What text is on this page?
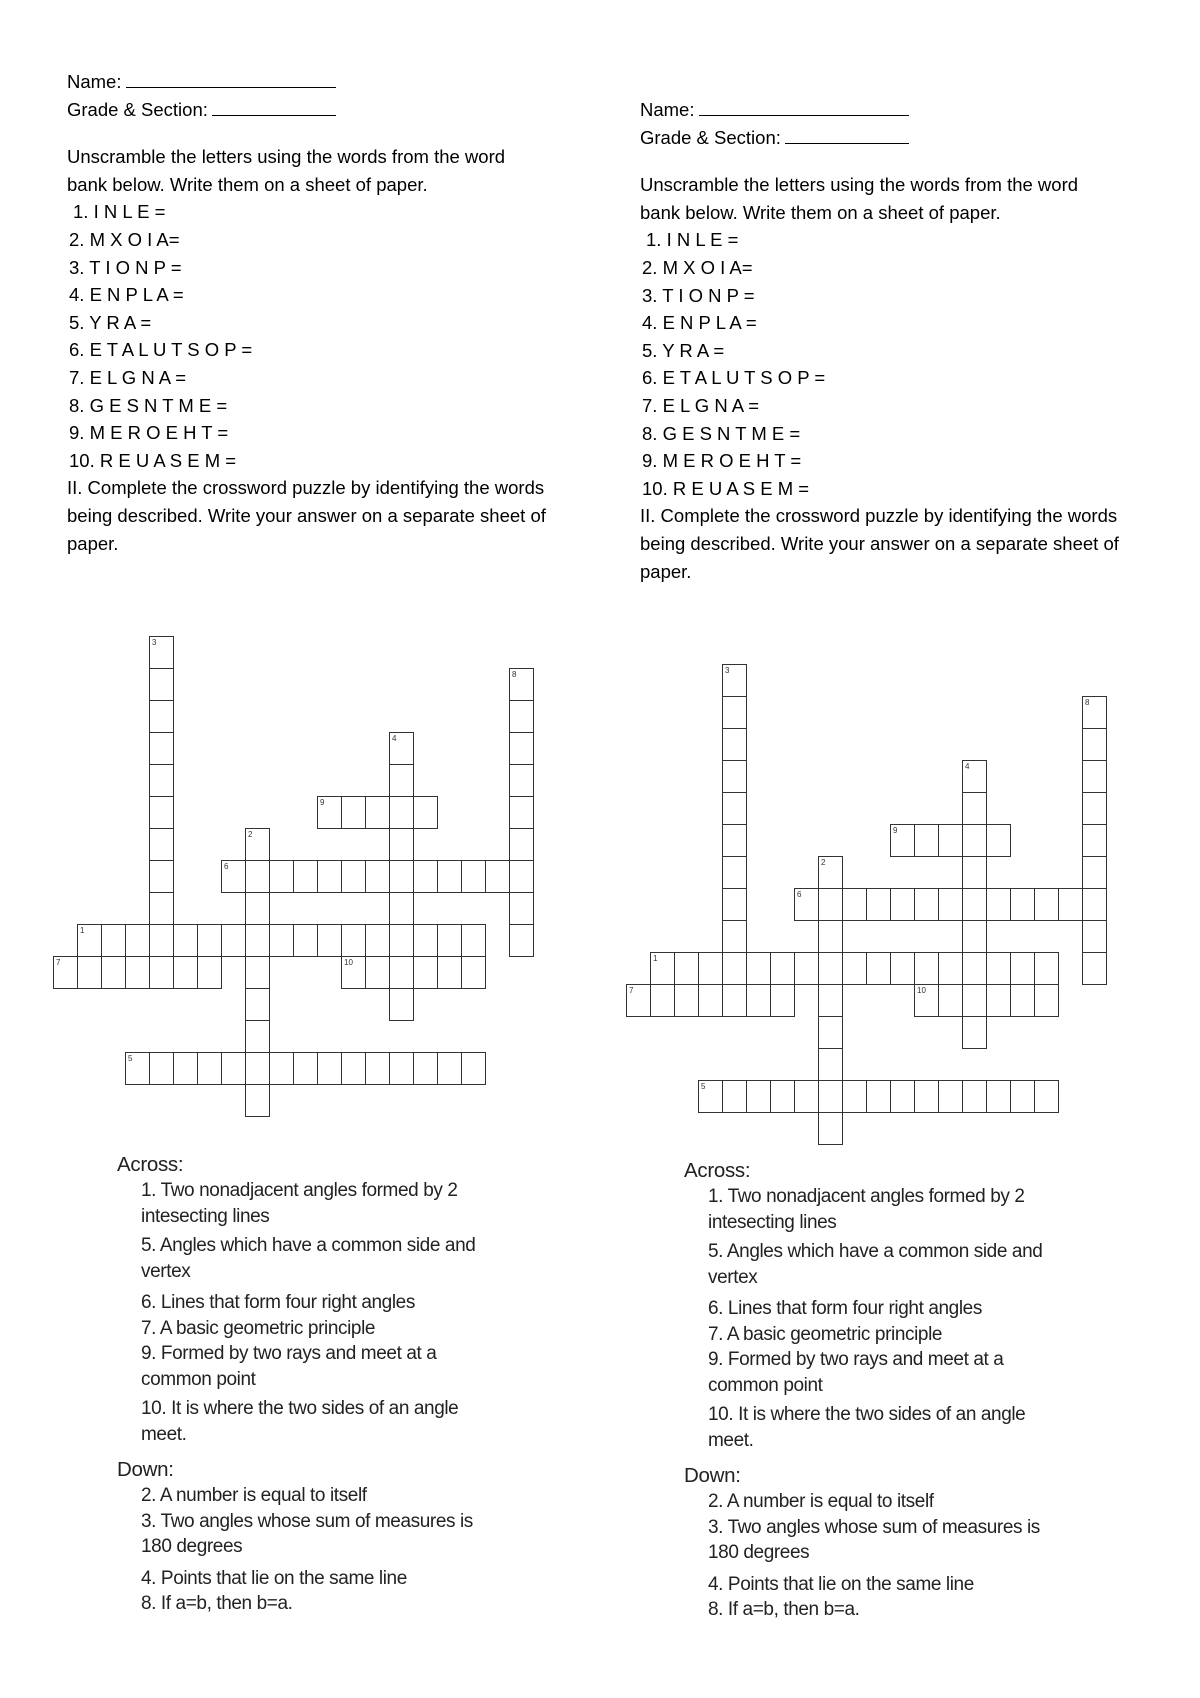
Name:

Grade & Section:

Unscramble the letters using the words from the word bank below. Write them on a sheet of paper.

1. I N L E =

2. M X O I A=

3. T I O N P =

4. E N P L A =

5. Y R A =

6. E T A L U T S O P =

7. E L G N A =

8. G E S N T M E =

9. M E R O E H T =

10. R E U A S E M =

II. Complete the crossword puzzle by identifying the words being described. Write your answer on a separate sheet of paper.

3
8
4
9
2
6
1
7	10
5
Across:

1. Two nonadjacent angles formed by 2 intesecting lines

5. Angles which have a common side and vertex

6. Lines that form four right angles

7. A basic geometric principle

9. Formed by two rays and meet at a common point

10. It is where the two sides of an angle meet.

Down:

2. A number is equal to itself

3. Two angles whose sum of measures is 180 degrees

4. Points that lie on the same line

8. If a=b, then b=a.

Name:

Grade & Section:

Unscramble the letters using the words from the word bank below. Write them on a sheet of paper.

1. I N L E =

2. M X O I A=

3. T I O N P =

4. E N P L A =

5. Y R A =

6. E T A L U T S O P =

7. E L G N A =

8. G E S N T M E =

9. M E R O E H T =

10. R E U A S E M =

II. Complete the crossword puzzle by identifying the words being described. Write your answer on a separate sheet of paper.

3
8
4
9
2
6
1
7	10
5
Across:

1. Two nonadjacent angles formed by 2 intesecting lines

5. Angles which have a common side and vertex

6. Lines that form four right angles

7. A basic geometric principle

9. Formed by two rays and meet at a common point

10. It is where the two sides of an angle meet.

Down:

2. A number is equal to itself

3. Two angles whose sum of measures is 180 degrees

4. Points that lie on the same line

8. If a=b, then b=a.
